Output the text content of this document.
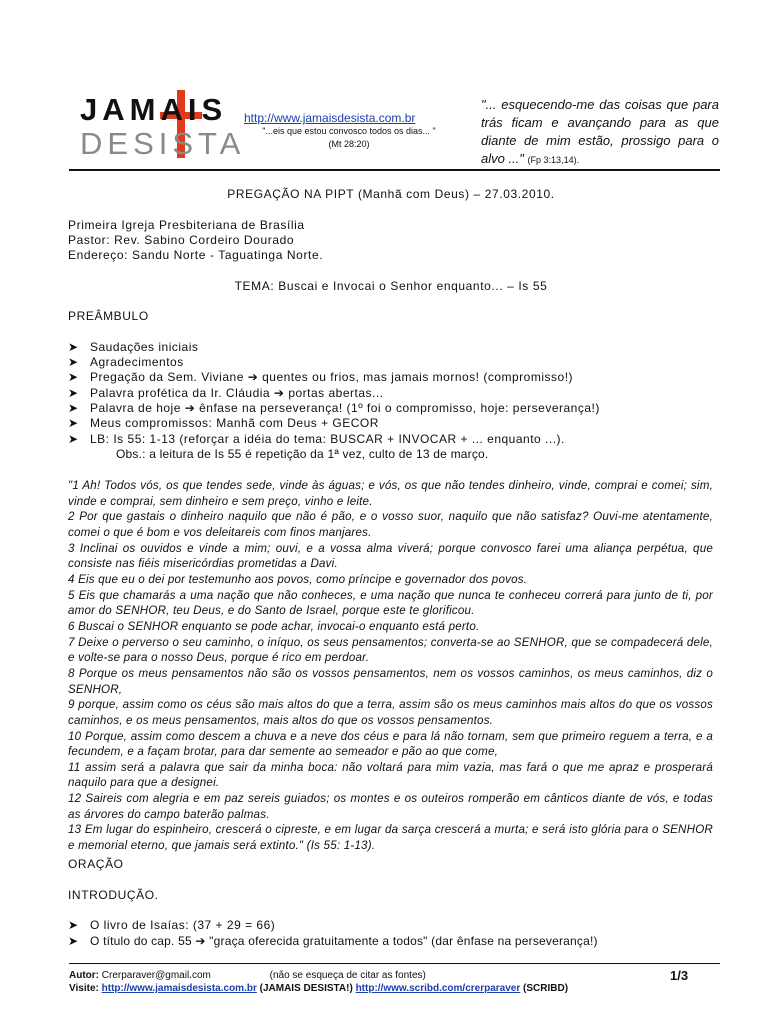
JAMAIS
DESISTA
http://www.jamaisdesista.com.br
"...eis que estou convosco todos os dias... "
(Mt 28:20)
"... esquecendo-me das coisas que para trás ficam e avançando para as que diante de mim estão, prossigo para o alvo ..." (Fp 3:13,14).
PREGAÇÃO NA PIPT (Manhã com Deus) – 27.03.2010.
Primeira Igreja Presbiteriana de Brasília
Pastor: Rev. Sabino Cordeiro Dourado
Endereço: Sandu Norte - Taguatinga Norte.
TEMA: Buscai e Invocai o Senhor enquanto... – Is 55
PREÂMBULO
➤ Saudações iniciais
➤ Agradecimentos
➤ Pregação da Sem. Viviane ➔ quentes ou frios, mas jamais mornos! (compromisso!)
➤ Palavra profética da Ir. Cláudia ➔ portas abertas...
➤ Palavra de hoje ➔ ênfase na perseverança! (1º foi o compromisso, hoje: perseverança!)
➤ Meus compromissos: Manhã com Deus + GECOR
➤ LB: Is 55: 1-13 (reforçar a idéia do tema: BUSCAR + INVOCAR + ... enquanto ...).
Obs.: a leitura de Is 55 é repetição da 1ª vez, culto de 13 de março.

"1 Ah! Todos vós, os que tendes sede, vinde às águas; e vós, os que não tendes dinheiro, vinde, comprai e comei; sim, vinde e comprai, sem dinheiro e sem preço, vinho e leite.

2 Por que gastais o dinheiro naquilo que não é pão, e o vosso suor, naquilo que não satisfaz? Ouvi-me atentamente, comei o que é bom e vos deleitareis com finos manjares.

3 Inclinai os ouvidos e vinde a mim; ouvi, e a vossa alma viverá; porque convosco farei uma aliança perpétua, que consiste nas fiéis misericórdias prometidas a Davi.

4 Eis que eu o dei por testemunho aos povos, como príncipe e governador dos povos.

5 Eis que chamarás a uma nação que não conheces, e uma nação que nunca te conheceu correrá para junto de ti, por amor do SENHOR, teu Deus, e do Santo de Israel, porque este te glorificou.

6 Buscai o SENHOR enquanto se pode achar, invocai-o enquanto está perto.

7 Deixe o perverso o seu caminho, o iníquo, os seus pensamentos; converta-se ao SENHOR, que se compadecerá dele, e volte-se para o nosso Deus, porque é rico em perdoar.

8 Porque os meus pensamentos não são os vossos pensamentos, nem os vossos caminhos, os meus caminhos, diz o SENHOR,

9 porque, assim como os céus são mais altos do que a terra, assim são os meus caminhos mais altos do que os vossos caminhos, e os meus pensamentos, mais altos do que os vossos pensamentos.

10 Porque, assim como descem a chuva e a neve dos céus e para lá não tornam, sem que primeiro reguem a terra, e a fecundem, e a façam brotar, para dar semente ao semeador e pão ao que come,

11 assim será a palavra que sair da minha boca: não voltará para mim vazia, mas fará o que me apraz e prosperará naquilo para que a designei.

12 Saireis com alegria e em paz sereis guiados; os montes e os outeiros romperão em cânticos diante de vós, e todas as árvores do campo baterão palmas.

13 Em lugar do espinheiro, crescerá o cipreste, e em lugar da sarça crescerá a murta; e será isto glória para o SENHOR e memorial eterno, que jamais será extinto." (Is 55: 1-13).

ORAÇÃO
INTRODUÇÃO.
➤ O livro de Isaías: (37 + 29 = 66)
➤ O título do cap. 55 ➔ "graça oferecida gratuitamente a todos" (dar ênfase na perseverança!)
Autor: Crerparaver@gmail.com	(não se esqueça de citar as fontes)
Visite: http://www.jamaisdesista.com.br (JAMAIS DESISTA!) http://www.scribd.com/crerparaver (SCRIBD)
1/3
